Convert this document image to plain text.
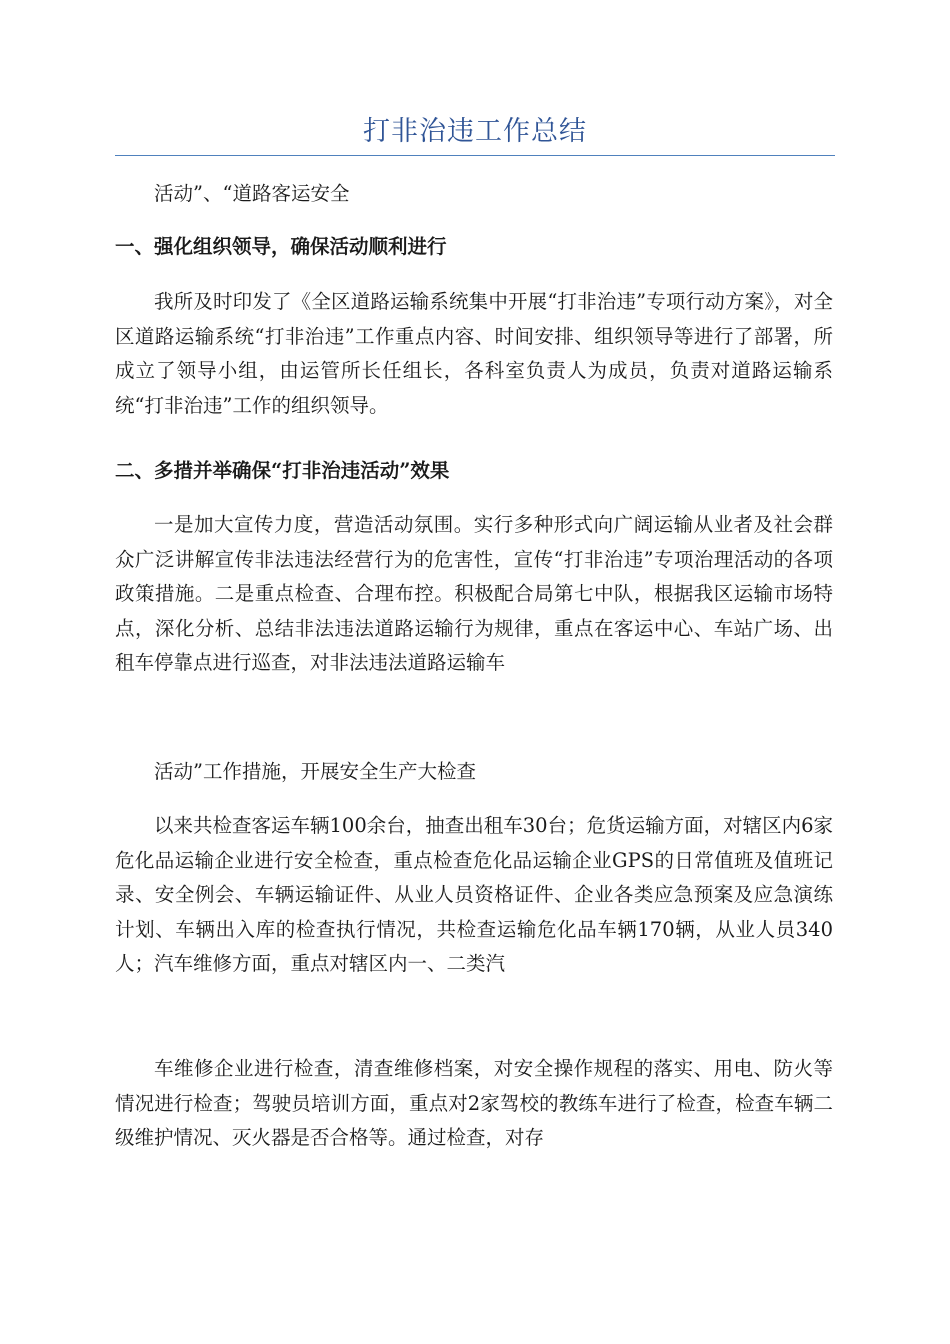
打非治违工作总结

活动”、“道路客运安全

一、强化组织领导，确保活动顺利进行

我所及时印发了《全区道路运输系统集中开展“打非治违”专项行动方案》，对全区道路运输系统“打非治违”工作重点内容、时间安排、组织领导等进行了部署，所成立了领导小组，由运管所长任组长，各科室负责人为成员，负责对道路运输系统“打非治违”工作的组织领导。

二、多措并举确保“打非治违活动”效果

一是加大宣传力度，营造活动氛围。实行多种形式向广阔运输从业者及社会群众广泛讲解宣传非法违法经营行为的危害性，宣传“打非治违”专项治理活动的各项政策措施。二是重点检查、合理布控。积极配合局第七中队，根据我区运输市场特点，深化分析、总结非法违法道路运输行为规律，重点在客运中心、车站广场、出租车停靠点进行巡查，对非法违法道路运输车

活动”工作措施，开展安全生产大检查

以来共检查客运车辆100余台，抽查出租车30台；危货运输方面，对辖区内6家危化品运输企业进行安全检查，重点检查危化品运输企业GPS的日常值班及值班记录、安全例会、车辆运输证件、从业人员资格证件、企业各类应急预案及应急演练计划、车辆出入库的检查执行情况，共检查运输危化品车辆170辆，从业人员340人；汽车维修方面，重点对辖区内一、二类汽

车维修企业进行检查，清查维修档案，对安全操作规程的落实、用电、防火等情况进行检查；驾驶员培训方面，重点对2家驾校的教练车进行了检查，检查车辆二级维护情况、灭火器是否合格等。通过检查，对存
